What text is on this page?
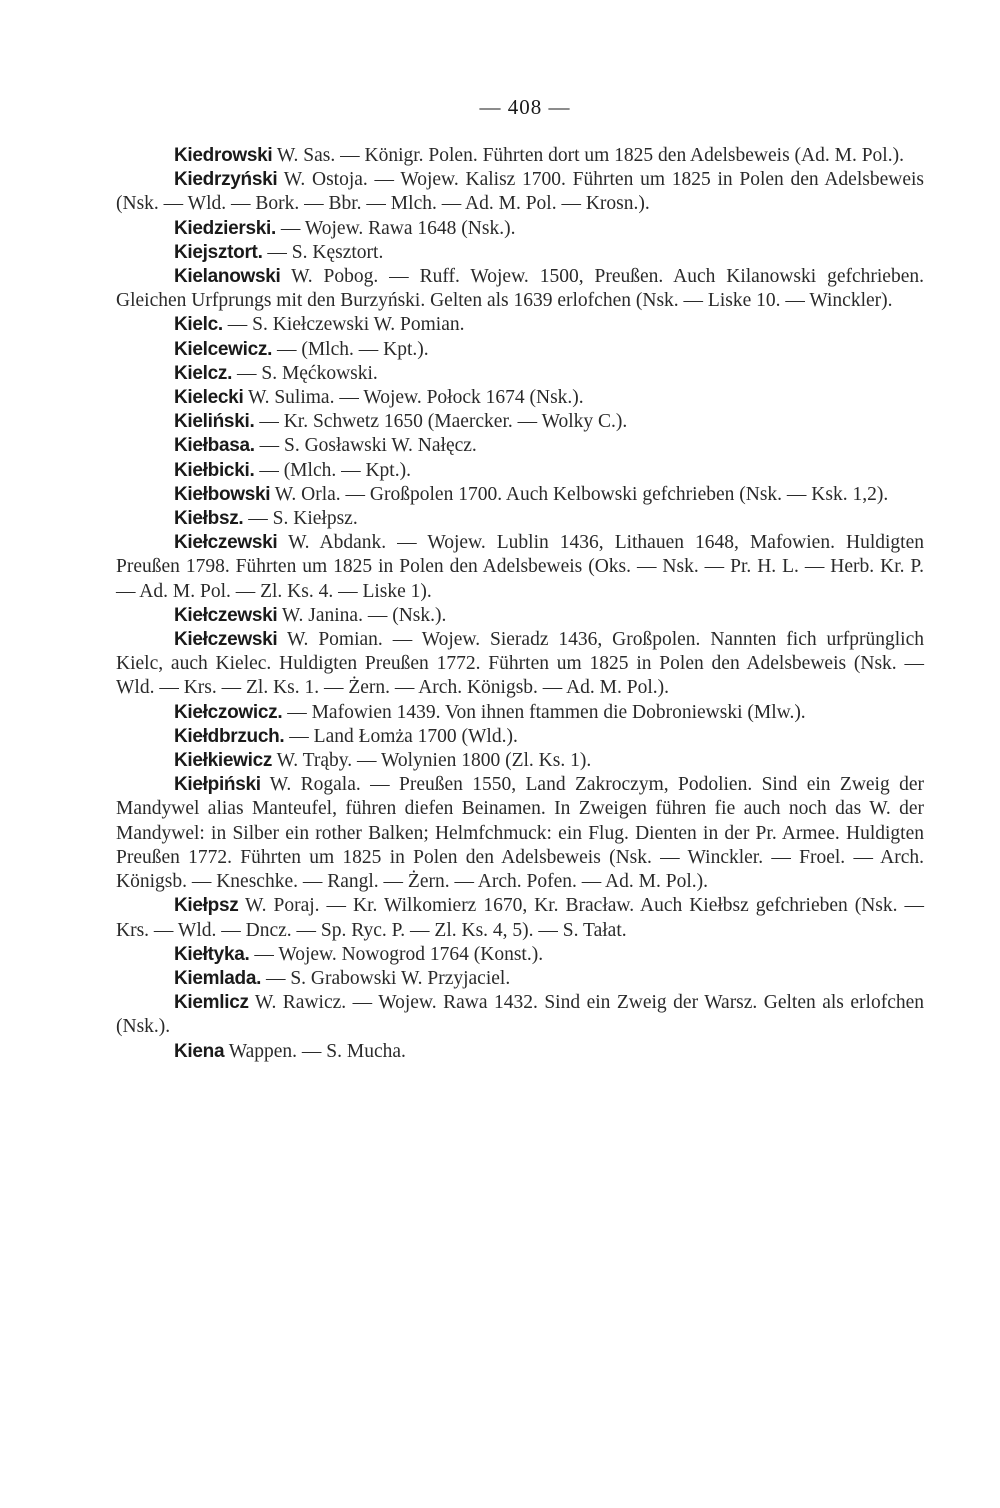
— 408 —

Kiedrowski W. Sas. — Königr. Polen. Führten dort um 1825 den Adelsbeweis (Ad. M. Pol.).

Kiedrzyński W. Ostoja. — Wojew. Kalisz 1700. Führten um 1825 in Polen den Adelsbeweis (Nsk. — Wld. — Bork. — Bbr. — Mlch. — Ad. M. Pol. — Krosn.).

Kiedzierski. — Wojew. Rawa 1648 (Nsk.).

Kiejsztort. — S. Kęsztort.

Kielanowski W. Pobog. — Ruff. Wojew. 1500, Preußen. Auch Kilanowski gefchrieben. Gleichen Urfprungs mit den Burzyński. Gelten als 1639 erlofchen (Nsk. — Liske 10. — Winckler).

Kielc. — S. Kiełczewski W. Pomian.

Kielcewicz. — (Mlch. — Kpt.).

Kielcz. — S. Męćkowski.

Kielecki W. Sulima. — Wojew. Połock 1674 (Nsk.).

Kieliński. — Kr. Schwetz 1650 (Maercker. — Wolky C.).

Kiełbasa. — S. Gosławski W. Nałęcz.

Kiełbicki. — (Mlch. — Kpt.).

Kiełbowski W. Orla. — Großpolen 1700. Auch Kelbowski gefchrieben (Nsk. — Ksk. 1,2).

Kiełbsz. — S. Kiełpsz.

Kiełczewski W. Abdank. — Wojew. Lublin 1436, Lithauen 1648, Mafowien. Huldigten Preußen 1798. Führten um 1825 in Polen den Adelsbeweis (Oks. — Nsk. — Pr. H. L. — Herb. Kr. P. — Ad. M. Pol. — Zl. Ks. 4. — Liske 1).

Kiełczewski W. Janina. — (Nsk.).

Kiełczewski W. Pomian. — Wojew. Sieradz 1436, Großpolen. Nannten fich urfprünglich Kielc, auch Kielec. Huldigten Preußen 1772. Führten um 1825 in Polen den Adelsbeweis (Nsk. — Wld. — Krs. — Zl. Ks. 1. — Żern. — Arch. Königsb. — Ad. M. Pol.).

Kiełczowicz. — Mafowien 1439. Von ihnen ftammen die Dobroniewski (Mlw.).

Kiełdbrzuch. — Land Łomża 1700 (Wld.).

Kiełkiewicz W. Trąby. — Wolynien 1800 (Zl. Ks. 1).

Kiełpiński W. Rogala. — Preußen 1550, Land Zakroczym, Podolien. Sind ein Zweig der Mandywel alias Manteufel, führen diefen Beinamen. In Zweigen führen fie auch noch das W. der Mandywel: in Silber ein rother Balken; Helmfchmuck: ein Flug. Dienten in der Pr. Armee. Huldigten Preußen 1772. Führten um 1825 in Polen den Adelsbeweis (Nsk. — Winckler. — Froel. — Arch. Königsb. — Kneschke. — Rangl. — Żern. — Arch. Pofen. — Ad. M. Pol.).

Kiełpsz W. Poraj. — Kr. Wilkomierz 1670, Kr. Bracław. Auch Kiełbsz gefchrieben (Nsk. — Krs. — Wld. — Dncz. — Sp. Ryc. P. — Zl. Ks. 4, 5). — S. Tałat.

Kiełtyka. — Wojew. Nowogrod 1764 (Konst.).

Kiemlada. — S. Grabowski W. Przyjaciel.

Kiemlicz W. Rawicz. — Wojew. Rawa 1432. Sind ein Zweig der Warsz. Gelten als erlofchen (Nsk.).

Kiena Wappen. — S. Mucha.
